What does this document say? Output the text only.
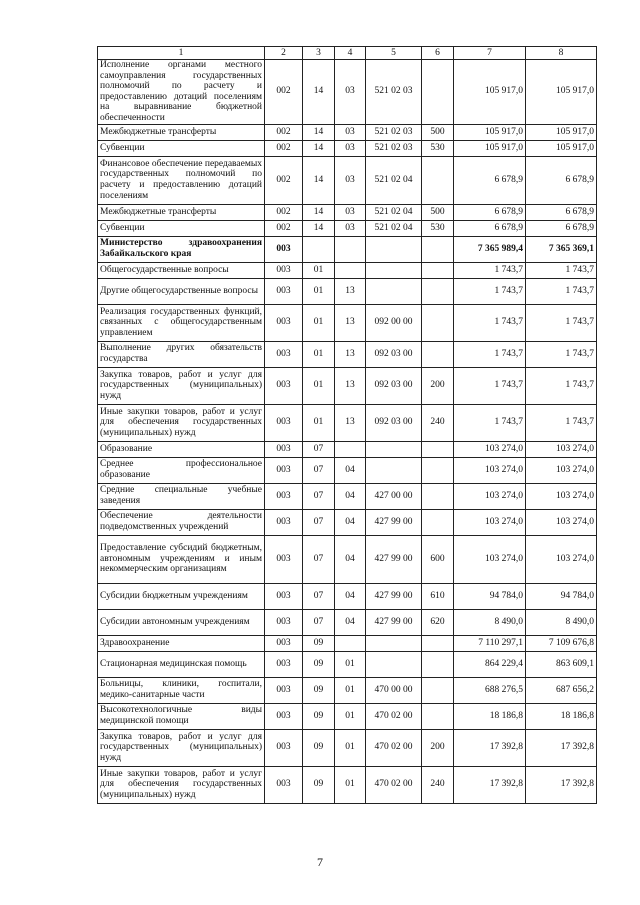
1	2	3	4	5	6	7	8
Исполнение органами местного самоуправления государственных полномочий по расчету и предоставлению дотаций поселениям на выравнивание бюджетной обеспеченности	002	14	03	521 02 03		105 917,0	105 917,0
Межбюджетные трансферты	002	14	03	521 02 03	500	105 917,0	105 917,0
Субвенции	002	14	03	521 02 03	530	105 917,0	105 917,0
Финансовое обеспечение передаваемых государственных полномочий по расчету и предоставлению дотаций поселениям	002	14	03	521 02 04		6 678,9	6 678,9
Межбюджетные трансферты	002	14	03	521 02 04	500	6 678,9	6 678,9
Субвенции	002	14	03	521 02 04	530	6 678,9	6 678,9
Министерство здравоохранения Забайкальского края	003					7 365 989,4	7 365 369,1
Общегосударственные вопросы	003	01				1 743,7	1 743,7
Другие общегосударственные вопросы	003	01	13			1 743,7	1 743,7
Реализация государственных функций, связанных с общегосударственным управлением	003	01	13	092 00 00		1 743,7	1 743,7
Выполнение других обязательств государства	003	01	13	092 03 00		1 743,7	1 743,7
Закупка товаров, работ и услуг для государственных (муниципальных) нужд	003	01	13	092 03 00	200	1 743,7	1 743,7
Иные закупки товаров, работ и услуг для обеспечения государственных (муниципальных) нужд	003	01	13	092 03 00	240	1 743,7	1 743,7
Образование	003	07				103 274,0	103 274,0
Среднее профессиональное образование	003	07	04			103 274,0	103 274,0
Средние специальные учебные заведения	003	07	04	427 00 00		103 274,0	103 274,0
Обеспечение деятельности подведомственных учреждений	003	07	04	427 99 00		103 274,0	103 274,0
Предоставление субсидий бюджетным, автономным учреждениям и иным некоммерческим организациям	003	07	04	427 99 00	600	103 274,0	103 274,0
Субсидии бюджетным учреждениям	003	07	04	427 99 00	610	94 784,0	94 784,0
Субсидии автономным учреждениям	003	07	04	427 99 00	620	8 490,0	8 490,0
Здравоохранение	003	09				7 110 297,1	7 109 676,8
Стационарная медицинская помощь	003	09	01			864 229,4	863 609,1
Больницы, клиники, госпитали, медико-санитарные части	003	09	01	470 00 00		688 276,5	687 656,2
Высокотехнологичные виды медицинской помощи	003	09	01	470 02 00		18 186,8	18 186,8
Закупка товаров, работ и услуг для государственных (муниципальных) нужд	003	09	01	470 02 00	200	17 392,8	17 392,8
Иные закупки товаров, работ и услуг для обеспечения государственных (муниципальных) нужд	003	09	01	470 02 00	240	17 392,8	17 392,8
7
